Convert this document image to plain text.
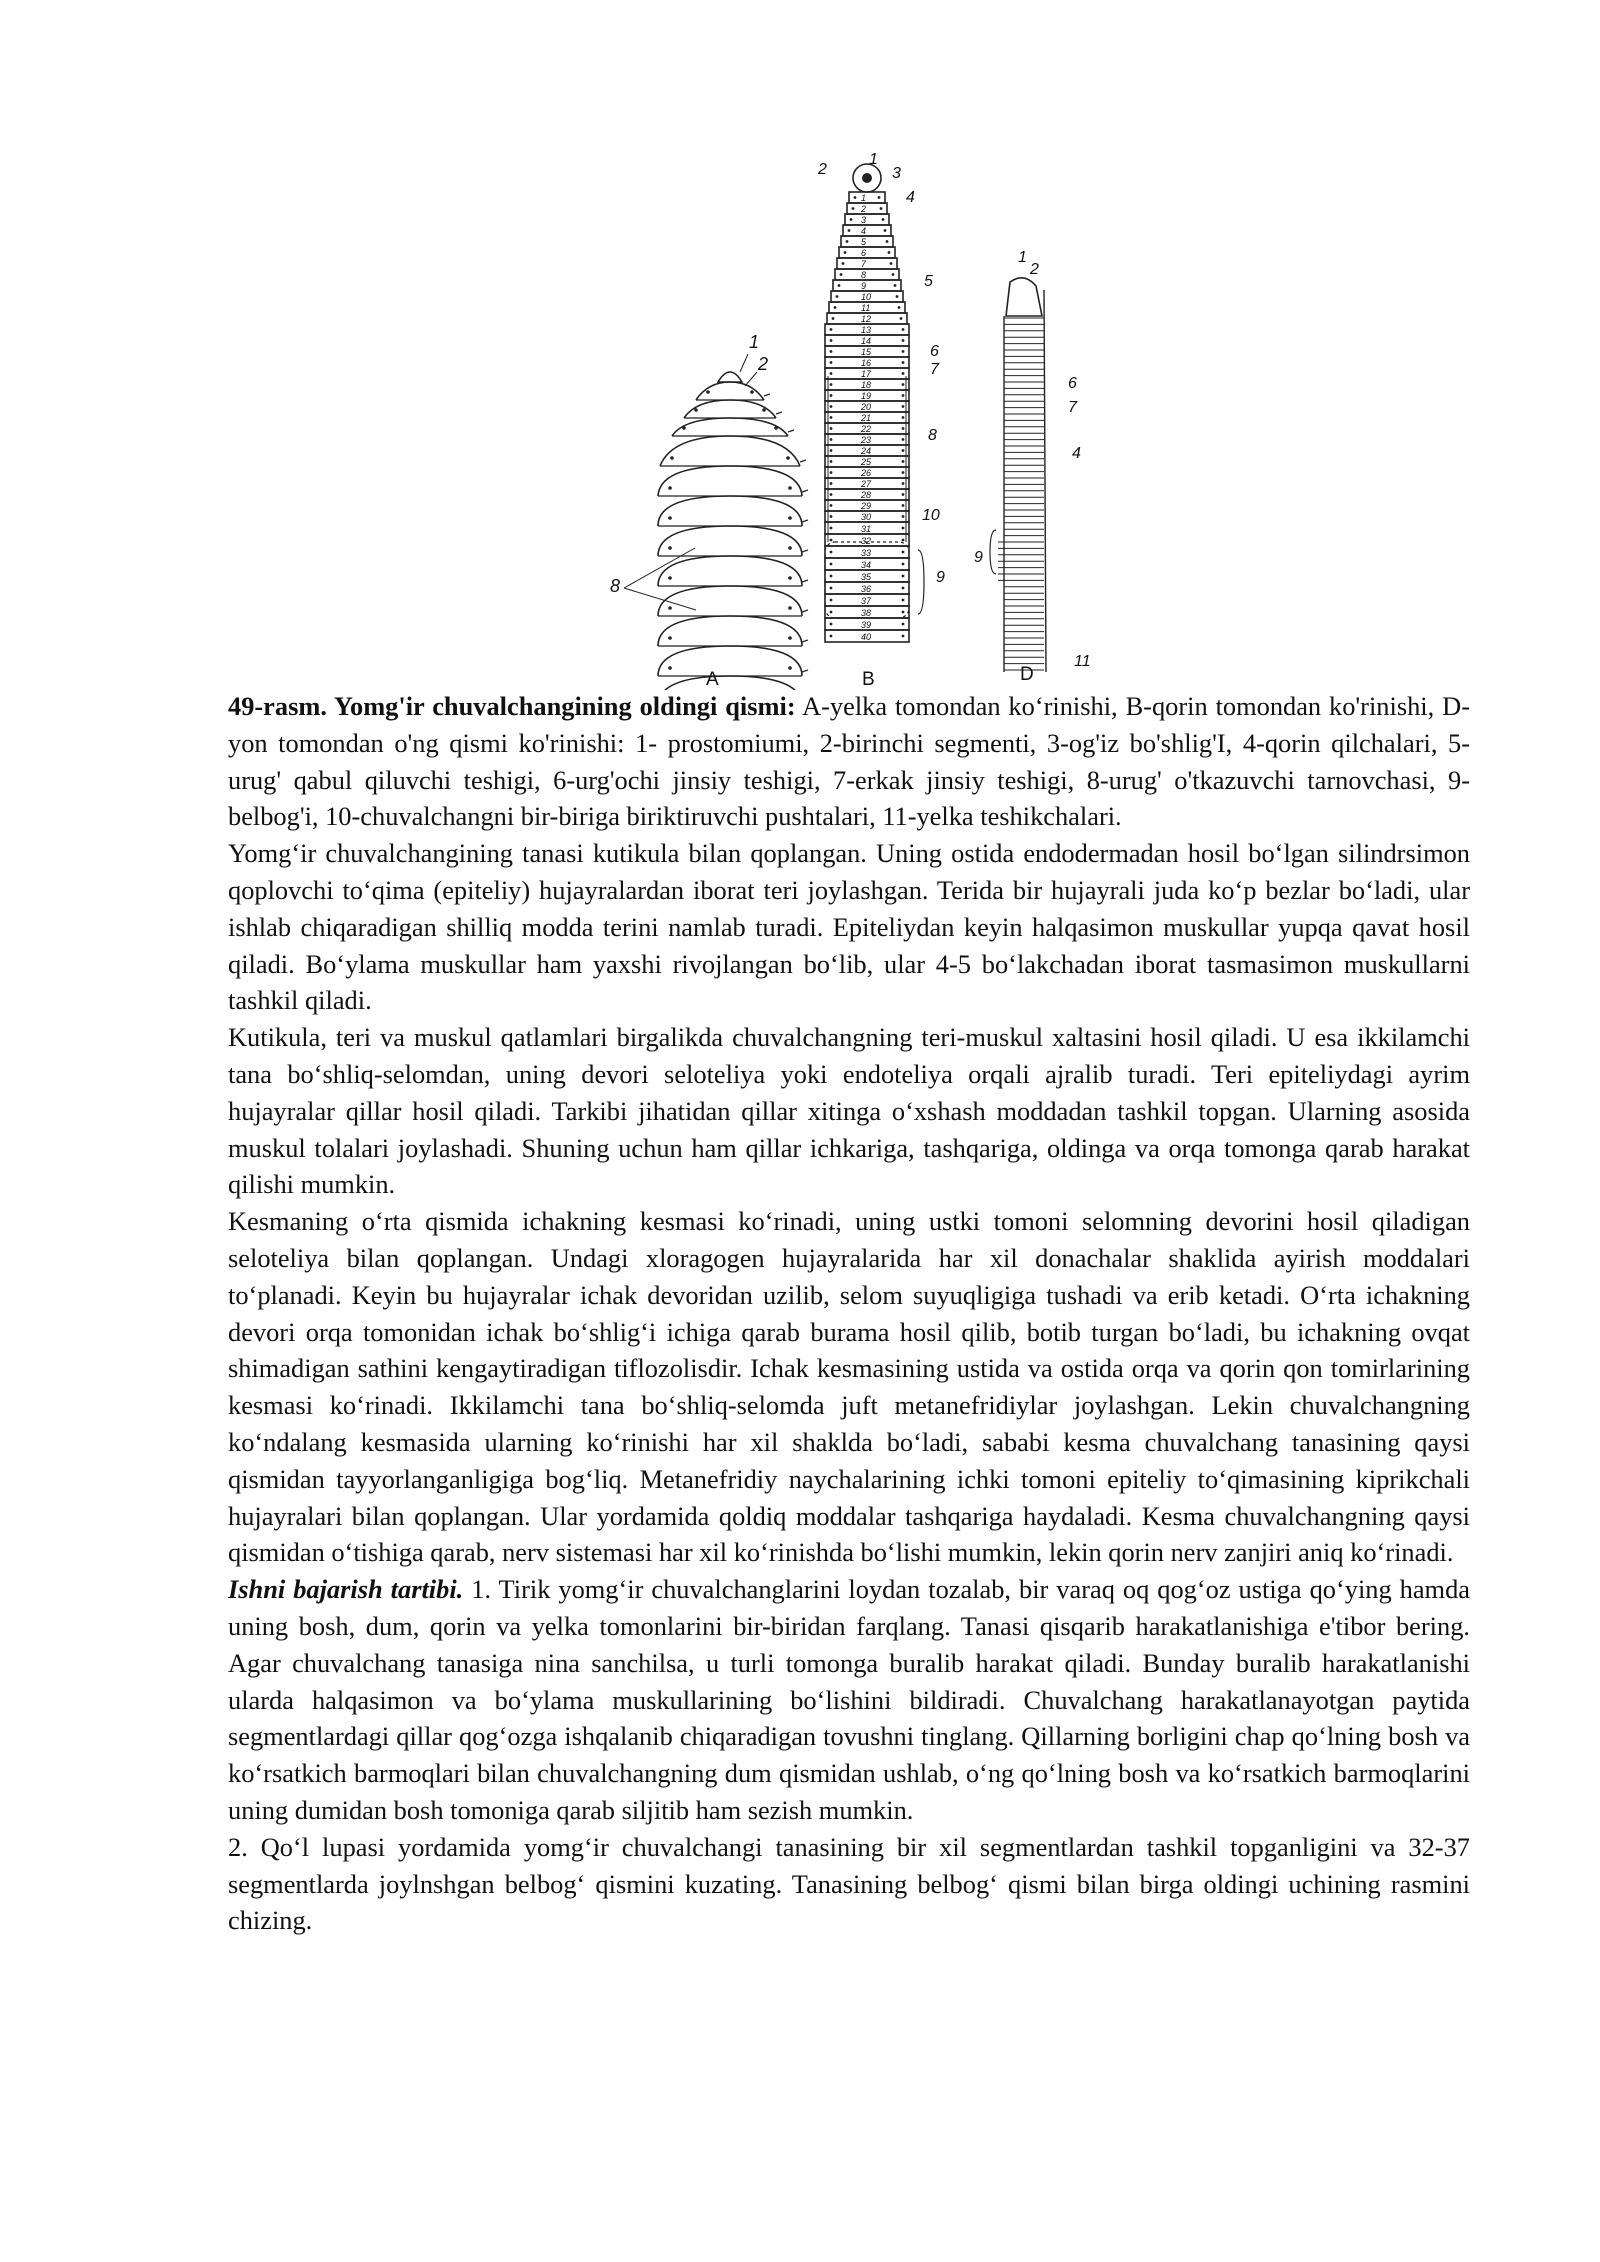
1
2
8
A
1
2
3
4
5
6
7
8
9
10
11
12
13
14
15
16
17
18
19
20
21
22
23
24
25
26
27
28
29
30
31
32
33
34
35
36
37
38
39
40
1
2	3
4
5
6
7
8
10
9
B
1
2
6
7
4
9
11
D

49-rasm. Yomg'ir chuvalchangining oldingi qismi: A-yelka tomondan koʻrinishi, B-qorin tomondan ko'rinishi, D-yon tomondan o'ng qismi ko'rinishi: 1- prostomiumi, 2-birinchi segmenti, 3-og'iz bo'shlig'I, 4-qorin qilchalari, 5-urug' qabul qiluvchi teshigi, 6-urg'ochi jinsiy teshigi, 7-erkak jinsiy teshigi, 8-urug' o'tkazuvchi tarnovchasi, 9-belbog'i, 10-chuvalchangni bir-biriga biriktiruvchi pushtalari, 11-yelka teshikchalari.

Yomgʻir chuvalchangining tanasi kutikula bilan qoplangan. Uning ostida endodermadan hosil boʻlgan silindrsimon qoplovchi toʻqima (epiteliy) hujayralardan iborat teri joylashgan. Terida bir hujayrali juda koʻp bezlar boʻladi, ular ishlab chiqaradigan shilliq modda terini namlab turadi. Epiteliydan keyin halqasimon muskullar yupqa qavat hosil qiladi. Boʻylama muskullar ham yaxshi rivojlangan boʻlib, ular 4-5 boʻlakchadan iborat tasmasimon muskullarni tashkil qiladi.

Kutikula, teri va muskul qatlamlari birgalikda chuvalchangning teri-muskul xaltasini hosil qiladi. U esa ikkilamchi tana boʻshliq-selomdan, uning devori seloteliya yoki endoteliya orqali ajralib turadi. Teri epiteliydagi ayrim hujayralar qillar hosil qiladi. Tarkibi jihatidan qillar xitinga oʻxshash moddadan tashkil topgan. Ularning asosida muskul tolalari joylashadi. Shuning uchun ham qillar ichkariga, tashqariga, oldinga va orqa tomonga qarab harakat qilishi mumkin.

Kesmaning oʻrta qismida ichakning kesmasi koʻrinadi, uning ustki tomoni selomning devorini hosil qiladigan seloteliya bilan qoplangan. Undagi xloragogen hujayralarida har xil donachalar shaklida ayirish moddalari toʻplanadi. Keyin bu hujayralar ichak devoridan uzilib, selom suyuqligiga tushadi va erib ketadi. Oʻrta ichakning devori orqa tomonidan ichak boʻshligʻi ichiga qarab burama hosil qilib, botib turgan boʻladi, bu ichakning ovqat shimadigan sathini kengaytiradigan tiflozolisdir. Ichak kesmasining ustida va ostida orqa va qorin qon tomirlarining kesmasi koʻrinadi. Ikkilamchi tana boʻshliq-selomda juft metanefridiylar joylashgan. Lekin chuvalchangning koʻndalang kesmasida ularning koʻrinishi har xil shaklda boʻladi, sababi kesma chuvalchang tanasining qaysi qismidan tayyorlanganligiga bogʻliq. Metanefridiy naychalarining ichki tomoni epiteliy toʻqimasining kiprikchali hujayralari bilan qoplangan. Ular yordamida qoldiq moddalar tashqariga haydaladi. Kesma chuvalchangning qaysi qismidan oʻtishiga qarab, nerv sistemasi har xil koʻrinishda boʻlishi mumkin, lekin qorin nerv zanjiri aniq koʻrinadi.

Ishni bajarish tartibi. 1. Tirik yomgʻir chuvalchanglarini loydan tozalab, bir varaq oq qogʻoz ustiga qoʻying hamda uning bosh, dum, qorin va yelka tomonlarini bir-biridan farqlang. Tanasi qisqarib harakatlanishiga e'tibor bering. Agar chuvalchang tanasiga nina sanchilsa, u turli tomonga buralib harakat qiladi. Bunday buralib harakatlanishi ularda halqasimon va boʻylama muskullarining boʻlishini bildiradi. Chuvalchang harakatlanayotgan paytida segmentlardagi qillar qogʻozga ishqalanib chiqaradigan tovushni tinglang. Qillarning borligini chap qoʻlning bosh va koʻrsatkich barmoqlari bilan chuvalchangning dum qismidan ushlab, oʻng qoʻlning bosh va koʻrsatkich barmoqlarini uning dumidan bosh tomoniga qarab siljitib ham sezish mumkin.

2. Qoʻl lupasi yordamida yomgʻir chuvalchangi tanasining bir xil segmentlardan tashkil topganligini va 32-37 segmentlarda joylnshgan belbogʻ qismini kuzating. Tanasining belbogʻ qismi bilan birga oldingi uchining rasmini chizing.
